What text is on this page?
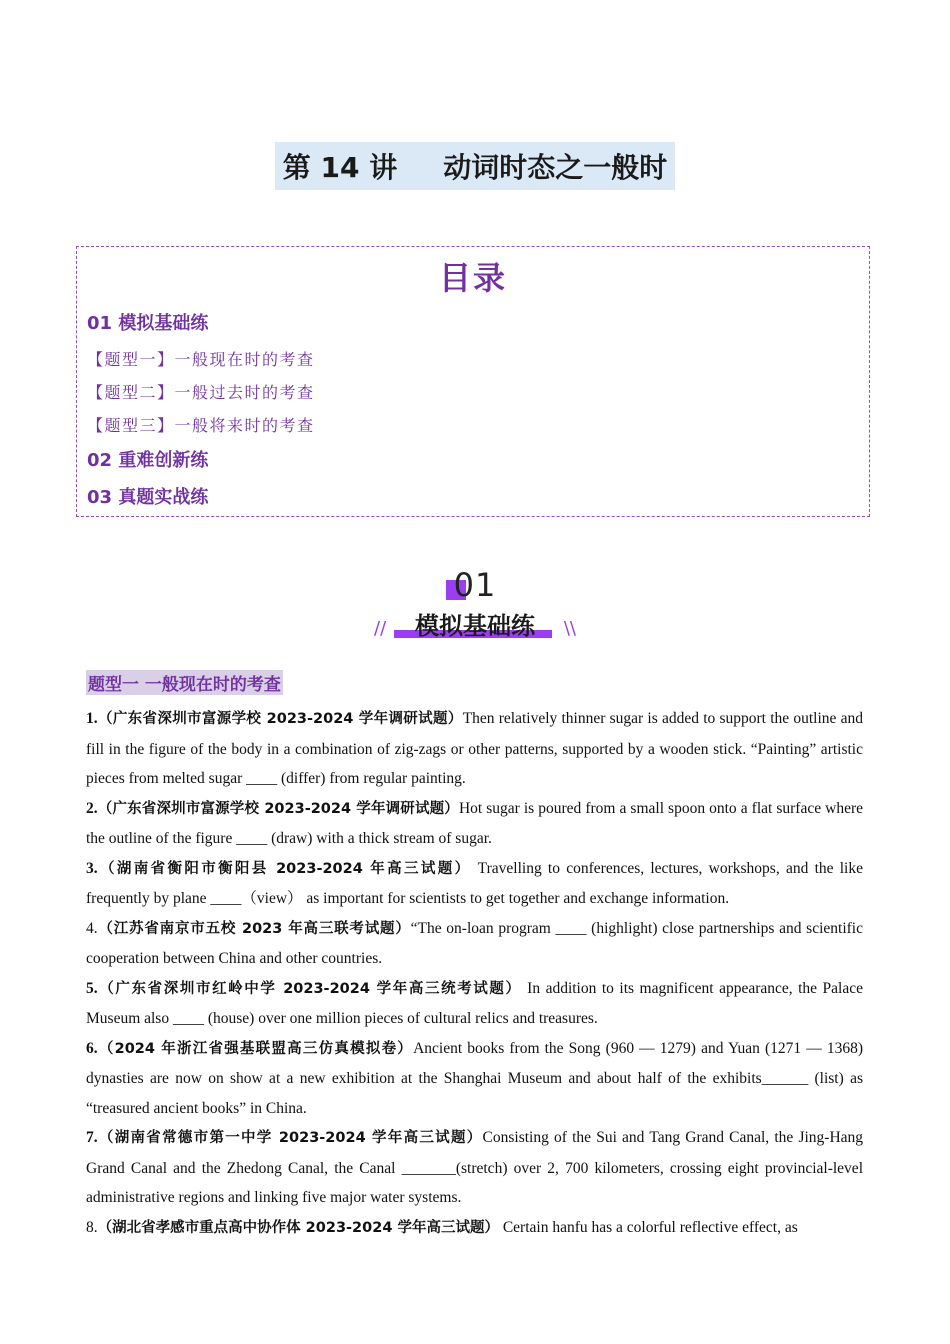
第 14 讲 动词时态之一般时
目录
01 模拟基础练
【题型一】一般现在时的考查
【题型二】一般过去时的考查
【题型三】一般将来时的考查
02 重难创新练
03 真题实战练
01
模拟基础练
//	\\
题型一 一般现在时的考查

1.（广东省深圳市富源学校 2023-2024 学年调研试题）Then relatively thinner sugar is added to support the outline and fill in the figure of the body in a combination of zig-zags or other patterns, supported by a wooden stick. “Painting” artistic pieces from melted sugar ____ (differ) from regular painting.

2.（广东省深圳市富源学校 2023-2024 学年调研试题）Hot sugar is poured from a small spoon onto a flat surface where the outline of the figure ____ (draw) with a thick stream of sugar.

3.（湖南省衡阳市衡阳县 2023-2024 年高三试题） Travelling to conferences, lectures, workshops, and the like frequently by plane ____（view） as important for scientists to get together and exchange information.

4.（江苏省南京市五校 2023 年高三联考试题）“The on-loan program ____ (highlight) close partnerships and scientific cooperation between China and other countries.

5.（广东省深圳市红岭中学 2023-2024 学年高三统考试题） In addition to its magnificent appearance, the Palace Museum also ____ (house) over one million pieces of cultural relics and treasures.

6.（2024 年浙江省强基联盟高三仿真模拟卷）Ancient books from the Song (960 — 1279) and Yuan (1271 — 1368) dynasties are now on show at a new exhibition at the Shanghai Museum and about half of the exhibits______ (list) as “treasured ancient books” in China.

7.（湖南省常德市第一中学 2023-2024 学年高三试题）Consisting of the Sui and Tang Grand Canal, the Jing-Hang Grand Canal and the Zhedong Canal, the Canal _______(stretch) over 2, 700 kilometers, crossing eight provincial-level administrative regions and linking five major water systems.

8.（湖北省孝感市重点高中协作体 2023-2024 学年高三试题） Certain hanfu has a colorful reflective effect, as
